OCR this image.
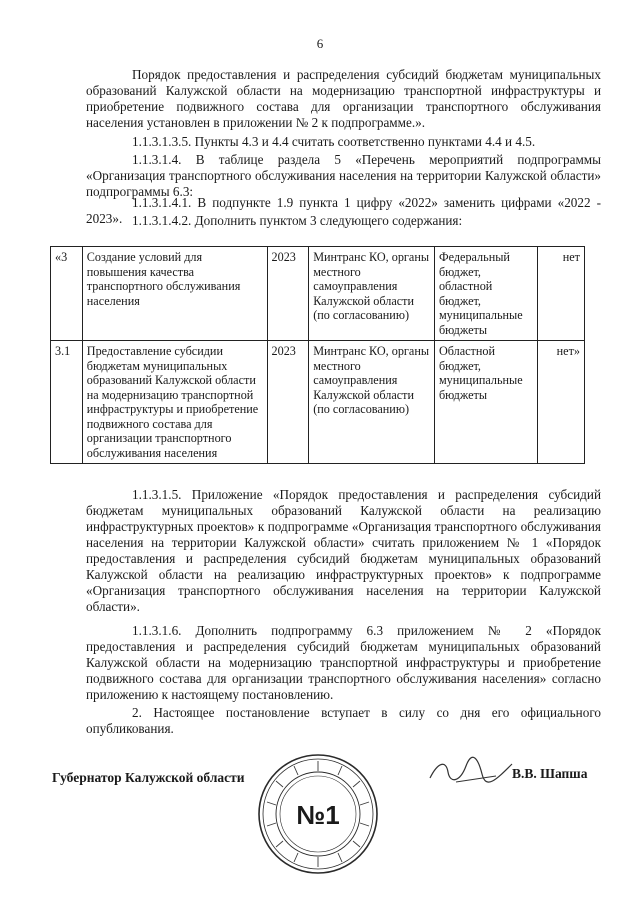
6

Порядок предоставления и распределения субсидий бюджетам муниципальных образований Калужской области на модернизацию транспортной инфраструктуры и приобретение подвижного состава для организации транспортного обслуживания населения установлен в приложении № 2 к подпрограмме.».

1.1.3.1.3.5. Пункты 4.3 и 4.4 считать соответственно пунктами 4.4 и 4.5.

1.1.3.1.4. В таблице раздела 5 «Перечень мероприятий подпрограммы «Организация транспортного обслуживания населения на территории Калужской области» подпрограммы 6.3:

1.1.3.1.4.1. В подпункте 1.9 пункта 1 цифру «2022» заменить цифрами «2022 - 2023». 1.1.3.1.4.2. Дополнить пунктом 3 следующего содержания:

«3	Создание условий для повышения качества транспортного обслуживания населения	2023	Минтранс КО, органы местного самоуправления Калужской области (по согласованию)	Федеральный бюджет, областной бюджет, муниципальные бюджеты	нет
3.1	Предоставление субсидии бюджетам муниципальных образований Калужской области на модернизацию транспортной инфраструктуры и приобретение подвижного состава для организации транспортного обслуживания населения	2023	Минтранс КО, органы местного самоуправления Калужской области (по согласованию)	Областной бюджет, муниципальные бюджеты	нет»

1.1.3.1.5. Приложение «Порядок предоставления и распределения субсидий бюджетам муниципальных образований Калужской области на реализацию инфраструктурных проектов» к подпрограмме «Организация транспортного обслуживания населения на территории Калужской области» считать приложением № 1 «Порядок предоставления и распределения субсидий бюджетам муниципальных образований Калужской области на реализацию инфраструктурных проектов» к подпрограмме «Организация транспортного обслуживания населения на территории Калужской области».

1.1.3.1.6. Дополнить подпрограмму 6.3 приложением № 2 «Порядок предоставления и распределения субсидий бюджетам муниципальных образований Калужской области на модернизацию транспортной инфраструктуры и приобретение подвижного состава для организации транспортного обслуживания населения» согласно приложению к настоящему постановлению.

2. Настоящее постановление вступает в силу со дня его официального опубликования.

Губернатор Калужской области
№1
В.В. Шапша
